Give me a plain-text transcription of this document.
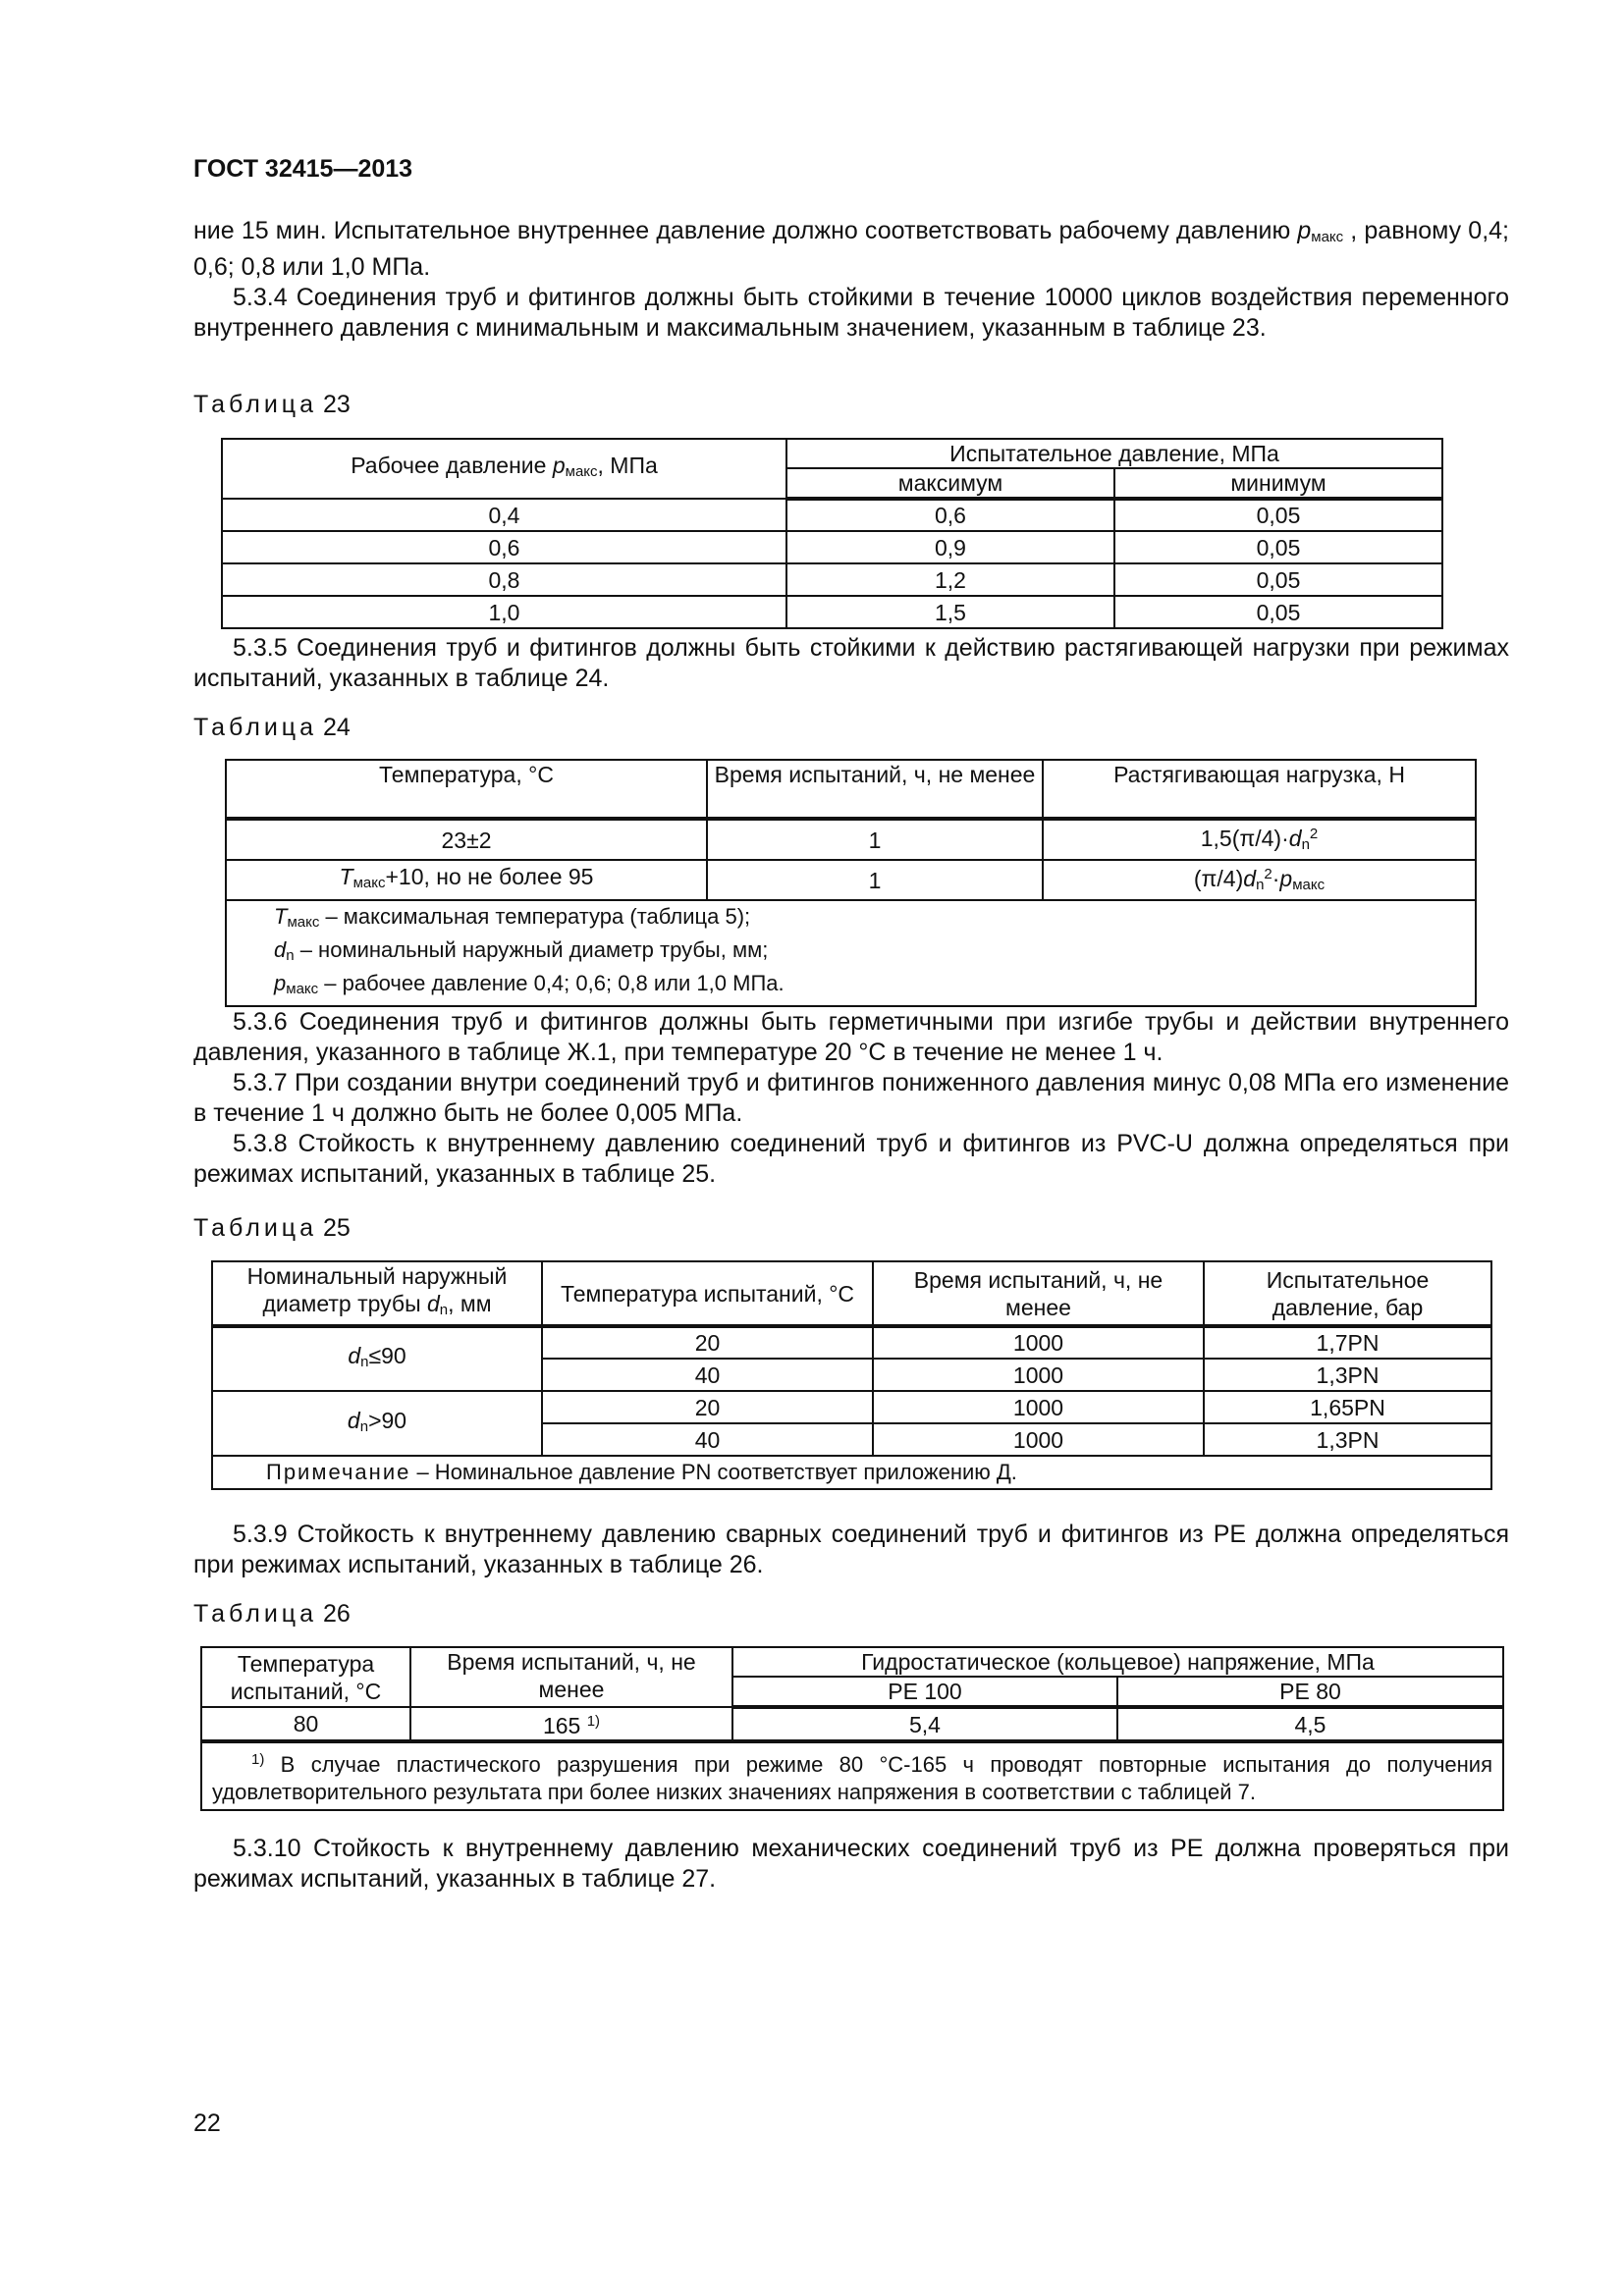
ГОСТ 32415—2013

ние 15 мин. Испытательное внутреннее давление должно соответствовать рабочему давлению $p_{макс}$ , равному 0,4; 0,6; 0,8 или 1,0 МПа.

5.3.4 Соединения труб и фитингов должны быть стойкими в течение 10000 циклов воздействия переменного внутреннего давления с минимальным и максимальным значением, указанным в таблице 23.

Таблица 23

Рабочее давление $p_{макс}$, МПа	Испытательное давление, МПа	
	максимум	минимум
0,4	0,6	0,05
0,6	0,9	0,05
0,8	1,2	0,05
1,0	1,5	0,05

5.3.5 Соединения труб и фитингов должны быть стойкими к действию растягивающей нагрузки при режимах испытаний, указанных в таблице 24.

Таблица 24

Температура, °С	Время испытаний, ч, не менее	Растягивающая нагрузка, Н
23±2	1	$1,5(\pi/4)\cdot d_n^2$
$T_{макс}+10$, но не более 95	1	$(\pi/4)d_n^2\cdot p_{макс}$

$T_{макс}$ – максимальная температура (таблица 5);
$d_n$ – номинальный наружный диаметр трубы, мм;
$p_{макс}$ – рабочее давление 0,4; 0,6; 0,8 или 1,0 МПа.		

5.3.6 Соединения труб и фитингов должны быть герметичными при изгибе трубы и действии внутреннего давления, указанного в таблице Ж.1, при температуре 20 °С в течение не менее 1 ч.

5.3.7 При создании внутри соединений труб и фитингов пониженного давления минус 0,08 МПа его изменение в течение 1 ч должно быть не более 0,005 МПа.

5.3.8 Стойкость к внутреннему давлению соединений труб и фитингов из PVC-U должна определяться при режимах испытаний, указанных в таблице 25.

Таблица 25

Номинальный наружный диаметр трубы $d_n$, мм	Температура испытаний, °С	Время испытаний, ч, не менее	Испытательное давление, бар
$d_n\le 90$	20	1000	1,7PN
	40	1000	1,3PN
$d_n>90$	20	1000	1,65PN
	40	1000	1,3PN
Примечание – Номинальное давление PN соответствует приложению Д.			

5.3.9 Стойкость к внутреннему давлению сварных соединений труб и фитингов из PE должна определяться при режимах испытаний, указанных в таблице 26.

Таблица 26

Температура испытаний, °С	Время испытаний, ч, не менее	Гидростатическое (кольцевое) напряжение, МПа	
		PE 100	PE 80
80	165 $^{1)}$	5,4	4,5
$^{1)}$ В случае пластического разрушения при режиме 80 °С-165 ч проводят повторные испытания до получения удовлетворительного результата при более низких значениях напряжения в соответствии с таблицей 7.			

5.3.10 Стойкость к внутреннему давлению механических соединений труб из PE должна проверяться при режимах испытаний, указанных в таблице 27.

22
